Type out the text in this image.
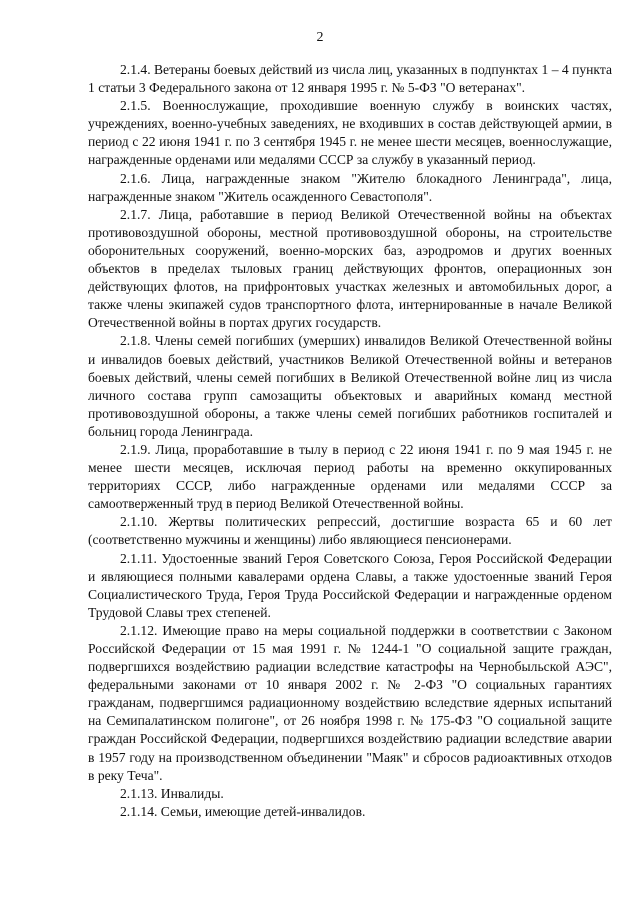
2

2.1.4. Ветераны боевых действий из числа лиц, указанных в подпунктах 1 – 4 пункта 1 статьи 3 Федерального закона от 12 января 1995 г. № 5-ФЗ "О ветеранах".

2.1.5. Военнослужащие, проходившие военную службу в воинских частях, учреждениях, военно-учебных заведениях, не входивших в состав действующей армии, в период с 22 июня 1941 г. по 3 сентября 1945 г. не менее шести месяцев, военнослужащие, награжденные орденами или медалями СССР за службу в указанный период.

2.1.6. Лица, награжденные знаком "Жителю блокадного Ленинграда", лица, награжденные знаком "Житель осажденного Севастополя".

2.1.7. Лица, работавшие в период Великой Отечественной войны на объектах противовоздушной обороны, местной противовоздушной обороны, на строительстве оборонительных сооружений, военно-морских баз, аэродромов и других военных объектов в пределах тыловых границ действующих фронтов, операционных зон действующих флотов, на прифронтовых участках железных и автомобильных дорог, а также члены экипажей судов транспортного флота, интернированные в начале Великой Отечественной войны в портах других государств.

2.1.8. Члены семей погибших (умерших) инвалидов Великой Отечественной войны и инвалидов боевых действий, участников Великой Отечественной войны и ветеранов боевых действий, члены семей погибших в Великой Отечественной войне лиц из числа личного состава групп самозащиты объектовых и аварийных команд местной противовоздушной обороны, а также члены семей погибших работников госпиталей и больниц города Ленинграда.

2.1.9. Лица, проработавшие в тылу в период с 22 июня 1941 г. по 9 мая 1945 г. не менее шести месяцев, исключая период работы на временно оккупированных территориях СССР, либо награжденные орденами или медалями СССР за самоотверженный труд в период Великой Отечественной войны.

2.1.10. Жертвы политических репрессий, достигшие возраста 65 и 60 лет (соответственно мужчины и женщины) либо являющиеся пенсионерами.

2.1.11. Удостоенные званий Героя Советского Союза, Героя Российской Федерации и являющиеся полными кавалерами ордена Славы, а также удостоенные званий Героя Социалистического Труда, Героя Труда Российской Федерации и награжденные орденом Трудовой Славы трех степеней.

2.1.12. Имеющие право на меры социальной поддержки в соответствии с Законом Российской Федерации от 15 мая 1991 г. № 1244-1 "О социальной защите граждан, подвергшихся воздействию радиации вследствие катастрофы на Чернобыльской АЭС", федеральными законами от 10 января 2002 г. № 2-ФЗ "О социальных гарантиях гражданам, подвергшимся радиационному воздействию вследствие ядерных испытаний на Семипалатинском полигоне", от 26 ноября 1998 г. № 175-ФЗ "О социальной защите граждан Российской Федерации, подвергшихся воздействию радиации вследствие аварии в 1957 году на производственном объединении "Маяк" и сбросов радиоактивных отходов в реку Теча".

2.1.13. Инвалиды.

2.1.14. Семьи, имеющие детей-инвалидов.
